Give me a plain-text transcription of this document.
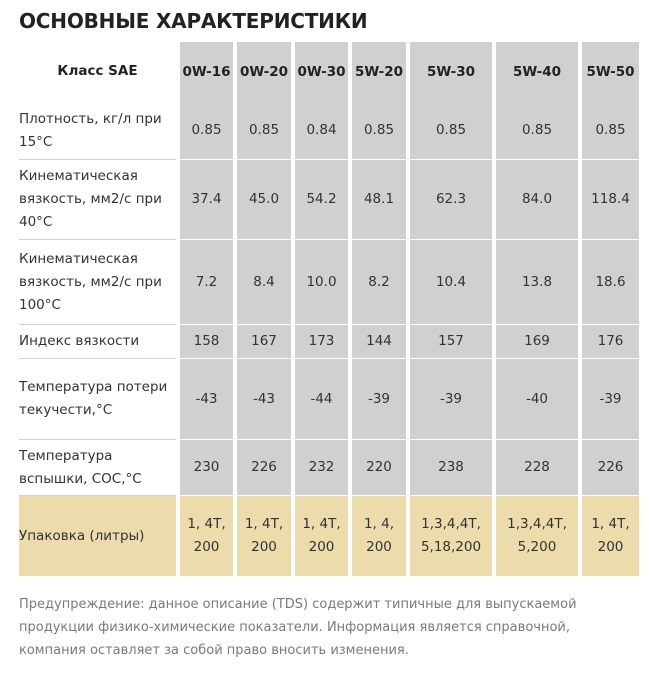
ОСНОВНЫЕ ХАРАКТЕРИСТИКИ
Класс SAE	0W-16	0W-20	0W-30	5W-20	5W-30	5W-40	5W-50
Плотность, кг/л при 15°С	0.85	0.85	0.84	0.85	0.85	0.85	0.85
Кинематическая вязкость, мм2/с при 40°С	37.4	45.0	54.2	48.1	62.3	84.0	118.4
Кинематическая вязкость, мм2/с при 100°С	7.2	8.4	10.0	8.2	10.4	13.8	18.6
Индекс вязкости	158	167	173	144	157	169	176
Температура потери текучести,°С	-43	-43	-44	-39	-39	-40	-39
Температура вспышки, COC,°С	230	226	232	220	238	228	226
Упаковка (литры)	1, 4T, 200	1, 4T, 200	1, 4T, 200	1, 4, 200	1,3,4,4T, 5,18,200	1,3,4,4T, 5,200	1, 4T, 200

Предупреждение: данное описание (TDS) содержит типичные для выпускаемой продукции физико-химические показатели. Информация является справочной, компания оставляет за собой право вносить изменения.
